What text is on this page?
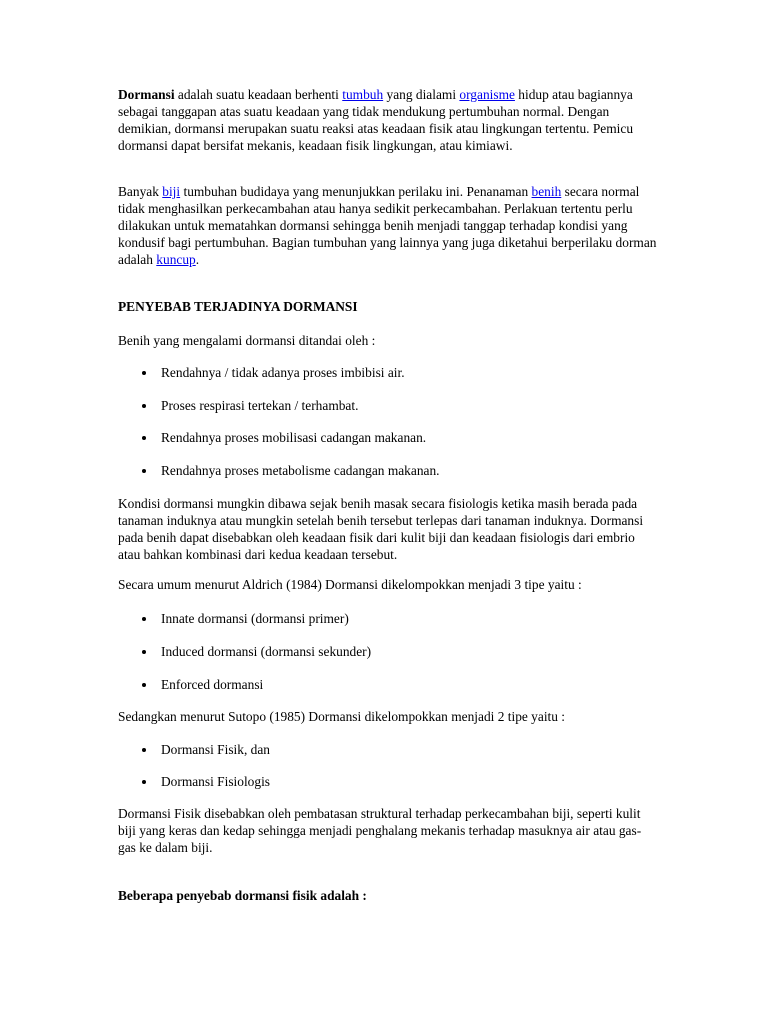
Dormansi adalah suatu keadaan berhenti tumbuh yang dialami organisme hidup atau bagiannya sebagai tanggapan atas suatu keadaan yang tidak mendukung pertumbuhan normal. Dengan demikian, dormansi merupakan suatu reaksi atas keadaan fisik atau lingkungan tertentu. Pemicu dormansi dapat bersifat mekanis, keadaan fisik lingkungan, atau kimiawi.

Banyak biji tumbuhan budidaya yang menunjukkan perilaku ini. Penanaman benih secara normal tidak menghasilkan perkecambahan atau hanya sedikit perkecambahan. Perlakuan tertentu perlu dilakukan untuk mematahkan dormansi sehingga benih menjadi tanggap terhadap kondisi yang kondusif bagi pertumbuhan. Bagian tumbuhan yang lainnya yang juga diketahui berperilaku dorman adalah kuncup.

PENYEBAB TERJADINYA DORMANSI

Benih yang mengalami dormansi ditandai oleh :

Rendahnya / tidak adanya proses imbibisi air.

Proses respirasi tertekan / terhambat.

Rendahnya proses mobilisasi cadangan makanan.

Rendahnya proses metabolisme cadangan makanan.

Kondisi dormansi mungkin dibawa sejak benih masak secara fisiologis ketika masih berada pada tanaman induknya atau mungkin setelah benih tersebut terlepas dari tanaman induknya. Dormansi pada benih dapat disebabkan oleh keadaan fisik dari kulit biji dan keadaan fisiologis dari embrio atau bahkan kombinasi dari kedua keadaan tersebut.

Secara umum menurut Aldrich (1984) Dormansi dikelompokkan menjadi 3 tipe yaitu :

Innate dormansi (dormansi primer)

Induced dormansi (dormansi sekunder)

Enforced dormansi

Sedangkan menurut Sutopo (1985) Dormansi dikelompokkan menjadi 2 tipe yaitu :

Dormansi Fisik, dan

Dormansi Fisiologis

Dormansi Fisik disebabkan oleh pembatasan struktural terhadap perkecambahan biji, seperti kulit biji yang keras dan kedap sehingga menjadi penghalang mekanis terhadap masuknya air atau gas-gas ke dalam biji.

Beberapa penyebab dormansi fisik adalah :
